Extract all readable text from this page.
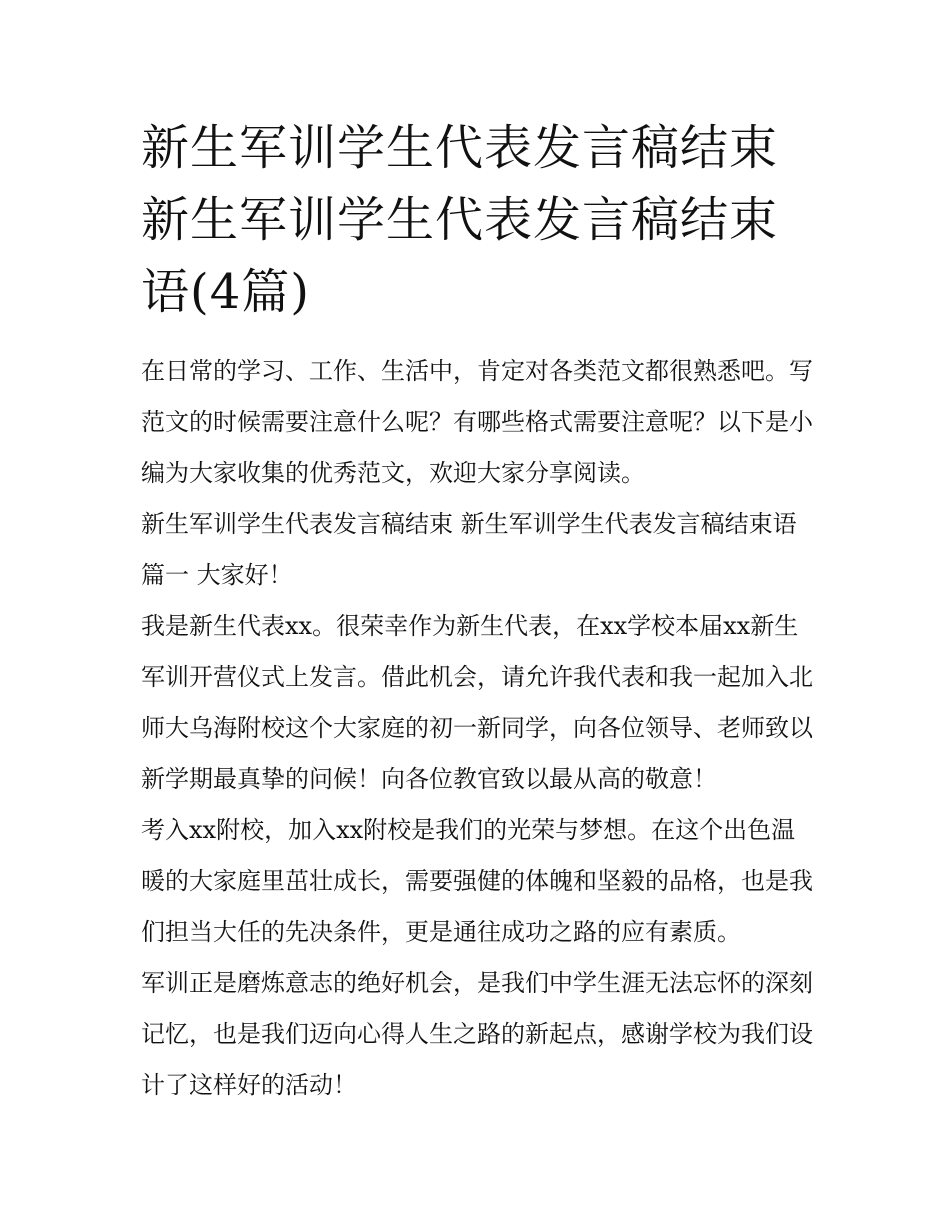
新生军训学生代表发言稿结束 新生军训学生代表发言稿结束语(4篇)

在日常的学习、工作、生活中，肯定对各类范文都很熟悉吧。写范文的时候需要注意什么呢？有哪些格式需要注意呢？以下是小编为大家收集的优秀范文，欢迎大家分享阅读。

新生军训学生代表发言稿结束 新生军训学生代表发言稿结束语篇一 大家好！

我是新生代表xx。很荣幸作为新生代表，在xx学校本届xx新生军训开营仪式上发言。借此机会，请允许我代表和我一起加入北师大乌海附校这个大家庭的初一新同学，向各位领导、老师致以新学期最真挚的问候！向各位教官致以最从高的敬意！

考入xx附校，加入xx附校是我们的光荣与梦想。在这个出色温暖的大家庭里茁壮成长，需要强健的体魄和坚毅的品格，也是我们担当大任的先决条件，更是通往成功之路的应有素质。

军训正是磨炼意志的绝好机会，是我们中学生涯无法忘怀的深刻记忆，也是我们迈向心得人生之路的新起点，感谢学校为我们设计了这样好的活动！
